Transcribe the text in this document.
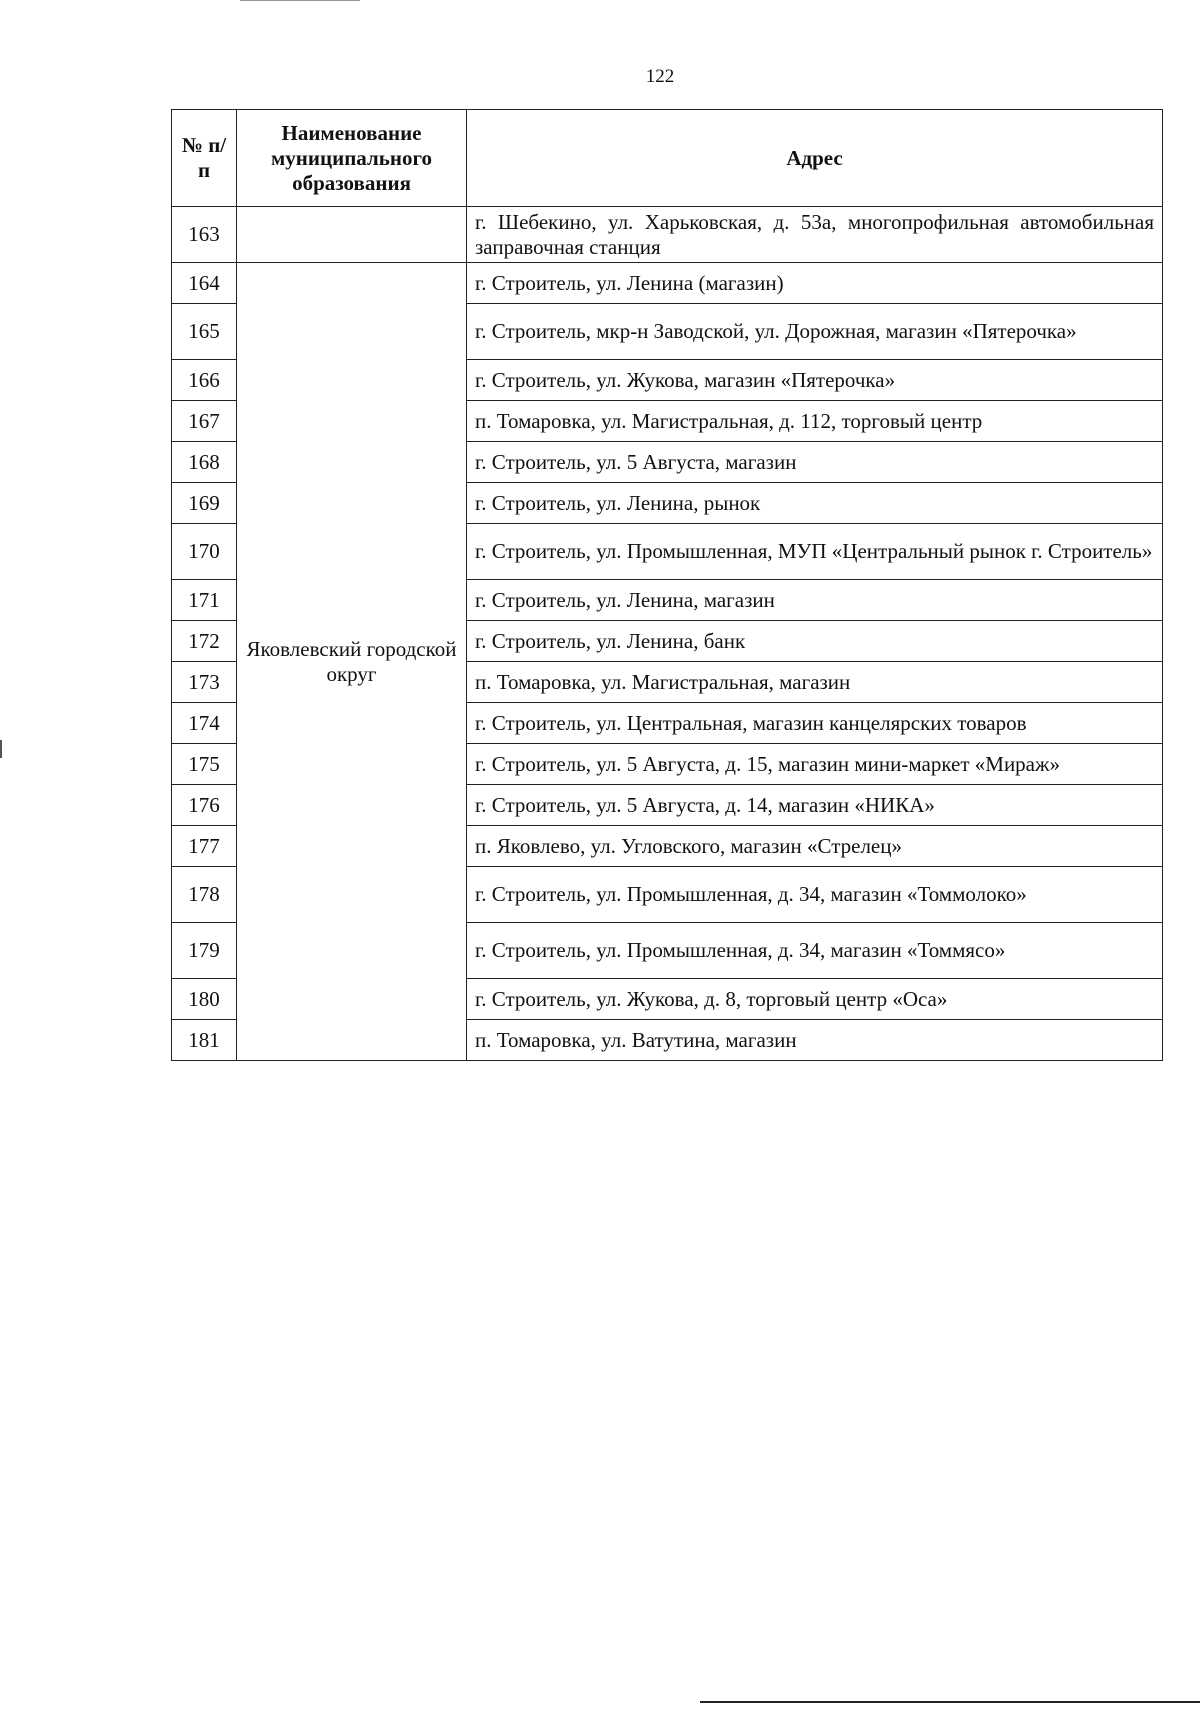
122
№ п/п	Наименование муниципального образования	Адрес
163		г. Шебекино, ул. Харьковская, д. 53а, многопрофильная автомобильная заправочная станция
164	Яковлевский городской округ	г. Строитель, ул. Ленина (магазин)
165		г. Строитель, мкр-н Заводской, ул. Дорожная, магазин «Пятерочка»
166		г. Строитель, ул. Жукова, магазин «Пятерочка»
167		п. Томаровка, ул. Магистральная, д. 112, торговый центр
168		г. Строитель, ул. 5 Августа, магазин
169		г. Строитель, ул. Ленина, рынок
170		г. Строитель, ул. Промышленная, МУП «Центральный рынок г. Строитель»
171		г. Строитель, ул. Ленина, магазин
172		г. Строитель, ул. Ленина, банк
173		п. Томаровка, ул. Магистральная, магазин
174		г. Строитель, ул. Центральная, магазин канцелярских товаров
175		г. Строитель, ул. 5 Августа, д. 15, магазин мини-маркет «Мираж»
176		г. Строитель, ул. 5 Августа, д. 14, магазин «НИКА»
177		п. Яковлево, ул. Угловского, магазин «Стрелец»
178		г. Строитель, ул. Промышленная, д. 34, магазин «Томмолоко»
179		г. Строитель, ул. Промышленная, д. 34, магазин «Томмясо»
180		г. Строитель, ул. Жукова, д. 8, торговый центр «Оса»
181		п. Томаровка, ул. Ватутина, магазин
